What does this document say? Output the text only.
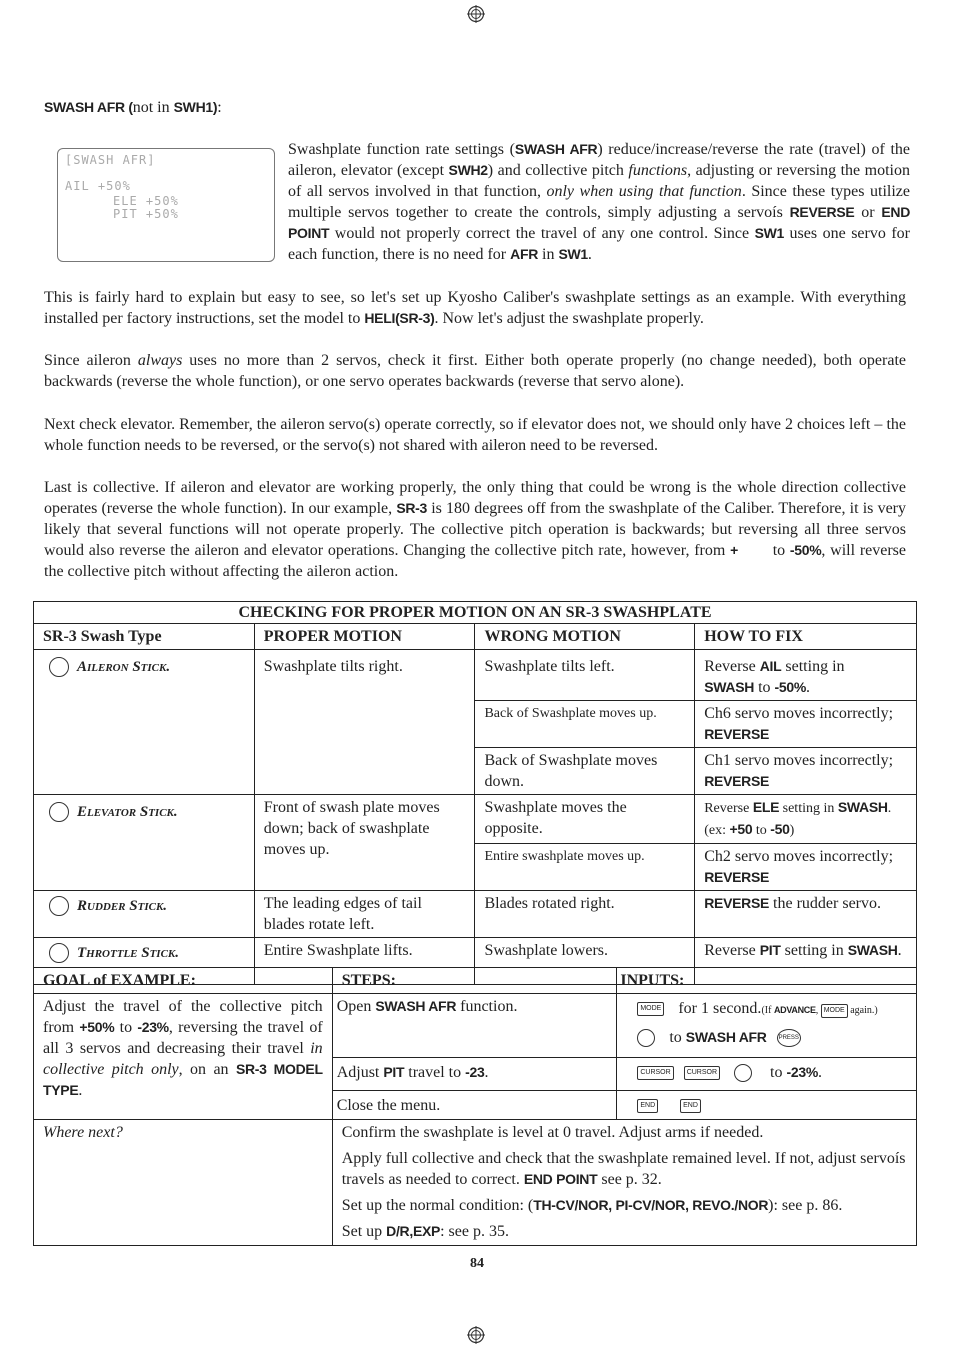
SWASH AFR (not in SWH1):
[SWASH AFR]
AIL +50%
ELE +50%
PIT +50%
Swashplate function rate settings (SWASH AFR) reduce/increase/reverse the rate (travel) of the aileron, elevator (except SWH2) and collective pitch functions, adjusting or reversing the motion of all servos involved in that function, only when using that function. Since these types utilize multiple servos together to create the controls, simply adjusting a servoís REVERSE or END POINT would not properly correct the travel of any one control. Since SW1 uses one servo for each function, there is no need for AFR in SW1.
This is fairly hard to explain but easy to see, so let's set up Kyosho Caliber's swashplate settings as an example. With everything installed per factory instructions, set the model to HELI(SR-3). Now let's adjust the swashplate properly.
Since aileron always uses no more than 2 servos, check it first. Either both operate properly (no change needed), both operate backwards (reverse the whole function), or one servo operates backwards (reverse that servo alone).
Next check elevator. Remember, the aileron servo(s) operate correctly, so if elevator does not, we should only have 2 choices left – the whole function needs to be reversed, or the servo(s) not shared with aileron need to be reversed.
Last is collective. If aileron and elevator are working properly, the only thing that could be wrong is the whole direction collective operates (reverse the whole function). In our example, SR-3 is 180 degrees off from the swashplate of the Caliber. Therefore, it is very likely that several functions will not operate properly. The collective pitch operation is backwards; but reversing all three servos would also reverse the aileron and elevator operations. Changing the collective pitch rate, however, from + to -50%, will reverse the collective pitch without affecting the aileron action.
CHECKING FOR PROPER MOTION ON AN SR-3 SWASHPLATE			
SR-3 Swash Type	PROPER MOTION	WRONG MOTION	HOW TO FIX
Aileron Stick.	Swashplate tilts right.	Swashplate tilts left.	Reverse AIL setting in
SWASH to -50%.
		Back of Swashplate moves up.	Ch6 servo moves incorrectly; REVERSE
		Back of Swashplate moves down.	Ch1 servo moves incorrectly; REVERSE
Elevator Stick.	Front of swash plate moves down; back of swashplate moves up.	Swashplate moves the opposite.	Reverse ELE setting in SWASH.
(ex: +50 to -50)
		Entire swashplate moves up.	Ch2 servo moves incorrectly; REVERSE
Rudder Stick.	The leading edges of tail blades rotate left.	Blades rotated right.	REVERSE the rudder servo.
Throttle Stick.	Entire Swashplate lifts.	Swashplate lowers.	Reverse PIT setting in SWASH.
GOAL of EXAMPLE:	STEPS:	INPUTS:
Adjust the travel of the collective pitch from +50% to -23%, reversing the travel of all 3 servos and decreasing their travel in collective pitch only, on an SR-3 MODEL TYPE.	Open SWASH AFR function.	MODE for 1 second.(If ADVANCE, MODE again.)
to SWASH AFR PRESS

	Adjust PIT travel to -23.	CURSOR CURSOR to -23%.
	Close the menu.	END END
Where next?	Confirm the swashplate is level at 0 travel. Adjust arms if needed.
Apply full collective and check that the swashplate remained level. If not, adjust servoís travels as needed to correct. END POINT see p. 32.
Set up the normal condition: (TH-CV/NOR, PI-CV/NOR, REVO./NOR): see p. 86.
Set up D/R,EXP: see p. 35.	
84
